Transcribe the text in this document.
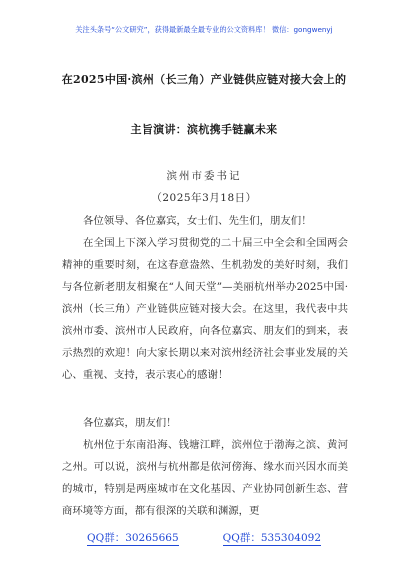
关注头条号“公文研究”，获得最新最全最专业的公文资料库！ 微信：gongwenyj
在2025中国·滨州（长三角）产业链供应链对接大会上的
主旨演讲：滨杭携手链赢未来
滨州市委书记
（2025年3月18日）
各位领导、各位嘉宾，女士们、先生们，朋友们！

在全国上下深入学习贯彻党的二十届三中全会和全国两会精神的重要时刻，在这春意盎然、生机勃发的美好时刻，我们与各位新老朋友相聚在“人间天堂”—美丽杭州举办2025中国·滨州（长三角）产业链供应链对接大会。在这里，我代表中共滨州市委、滨州市人民政府，向各位嘉宾、朋友们的到来，表示热烈的欢迎！向大家长期以来对滨州经济社会事业发展的关心、重视、支持，表示衷心的感谢！

各位嘉宾，朋友们！

杭州位于东南沿海、钱塘江畔，滨州位于渤海之滨、黄河之州。可以说，滨州与杭州都是依河傍海、缘水而兴因水而美的城市，特别是两座城市在文化基因、产业协同创新生态、营商环境等方面，都有很深的关联和渊源，更

QQ群：30265665	QQ群：535304092
